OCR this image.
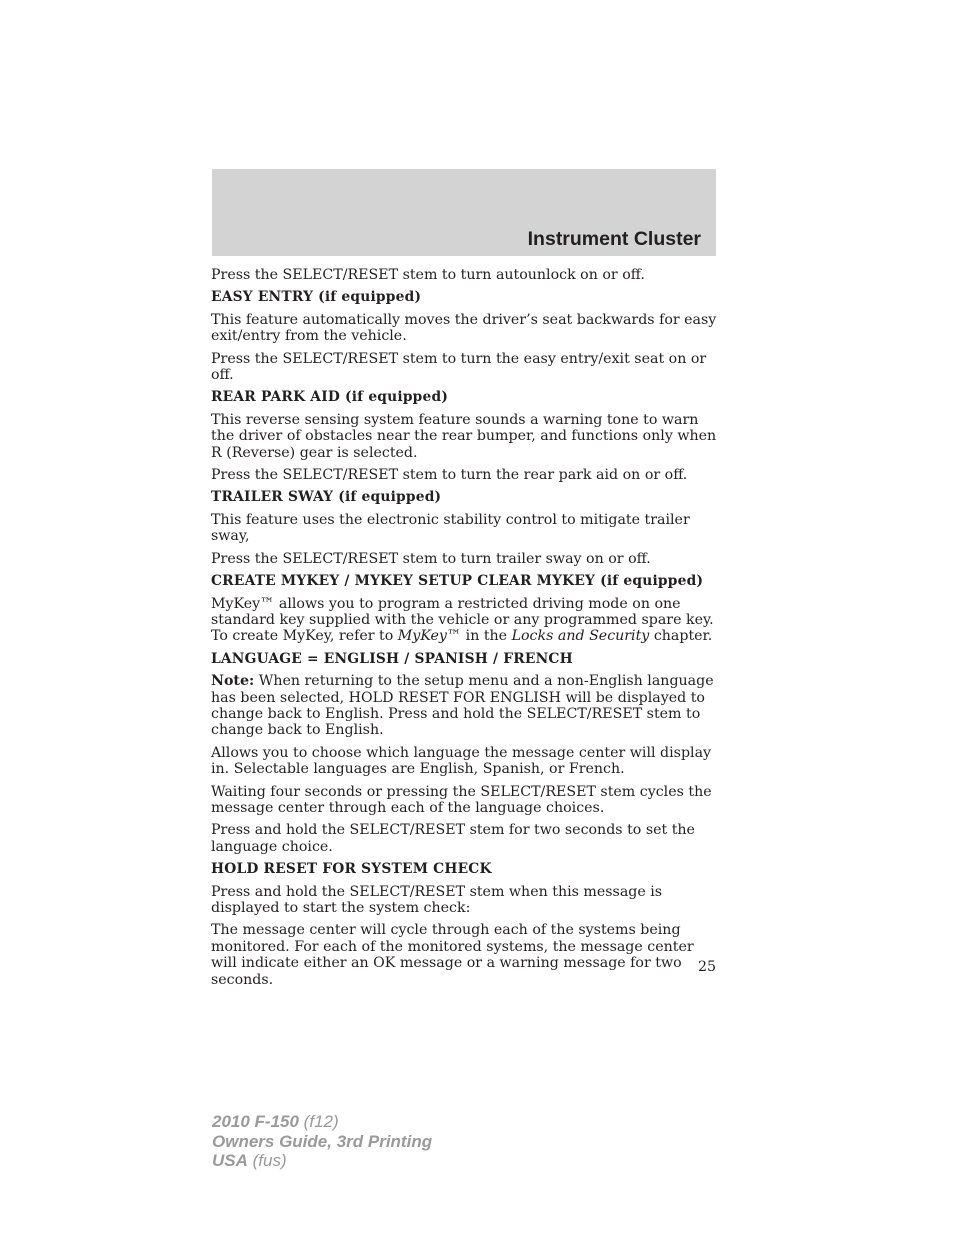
Instrument Cluster

Press the SELECT/RESET stem to turn autounlock on or off.

EASY ENTRY (if equipped)

This feature automatically moves the driver’s seat backwards for easy exit/entry from the vehicle.

Press the SELECT/RESET stem to turn the easy entry/exit seat on or off.

REAR PARK AID (if equipped)

This reverse sensing system feature sounds a warning tone to warn the driver of obstacles near the rear bumper, and functions only when R (Reverse) gear is selected.

Press the SELECT/RESET stem to turn the rear park aid on or off.

TRAILER SWAY (if equipped)

This feature uses the electronic stability control to mitigate trailer sway,

Press the SELECT/RESET stem to turn trailer sway on or off.

CREATE MYKEY / MYKEY SETUP CLEAR MYKEY (if equipped)

MyKey™ allows you to program a restricted driving mode on one standard key supplied with the vehicle or any programmed spare key. To create MyKey, refer to MyKey™ in the Locks and Security chapter.

LANGUAGE = ENGLISH / SPANISH / FRENCH

Note: When returning to the setup menu and a non-English language has been selected, HOLD RESET FOR ENGLISH will be displayed to change back to English. Press and hold the SELECT/RESET stem to change back to English.

Allows you to choose which language the message center will display in. Selectable languages are English, Spanish, or French.

Waiting four seconds or pressing the SELECT/RESET stem cycles the message center through each of the language choices.

Press and hold the SELECT/RESET stem for two seconds to set the language choice.

HOLD RESET FOR SYSTEM CHECK

Press and hold the SELECT/RESET stem when this message is displayed to start the system check:

The message center will cycle through each of the systems being monitored. For each of the monitored systems, the message center will indicate either an OK message or a warning message for two seconds.

25
2010 F-150 (f12)
Owners Guide, 3rd Printing
USA (fus)
